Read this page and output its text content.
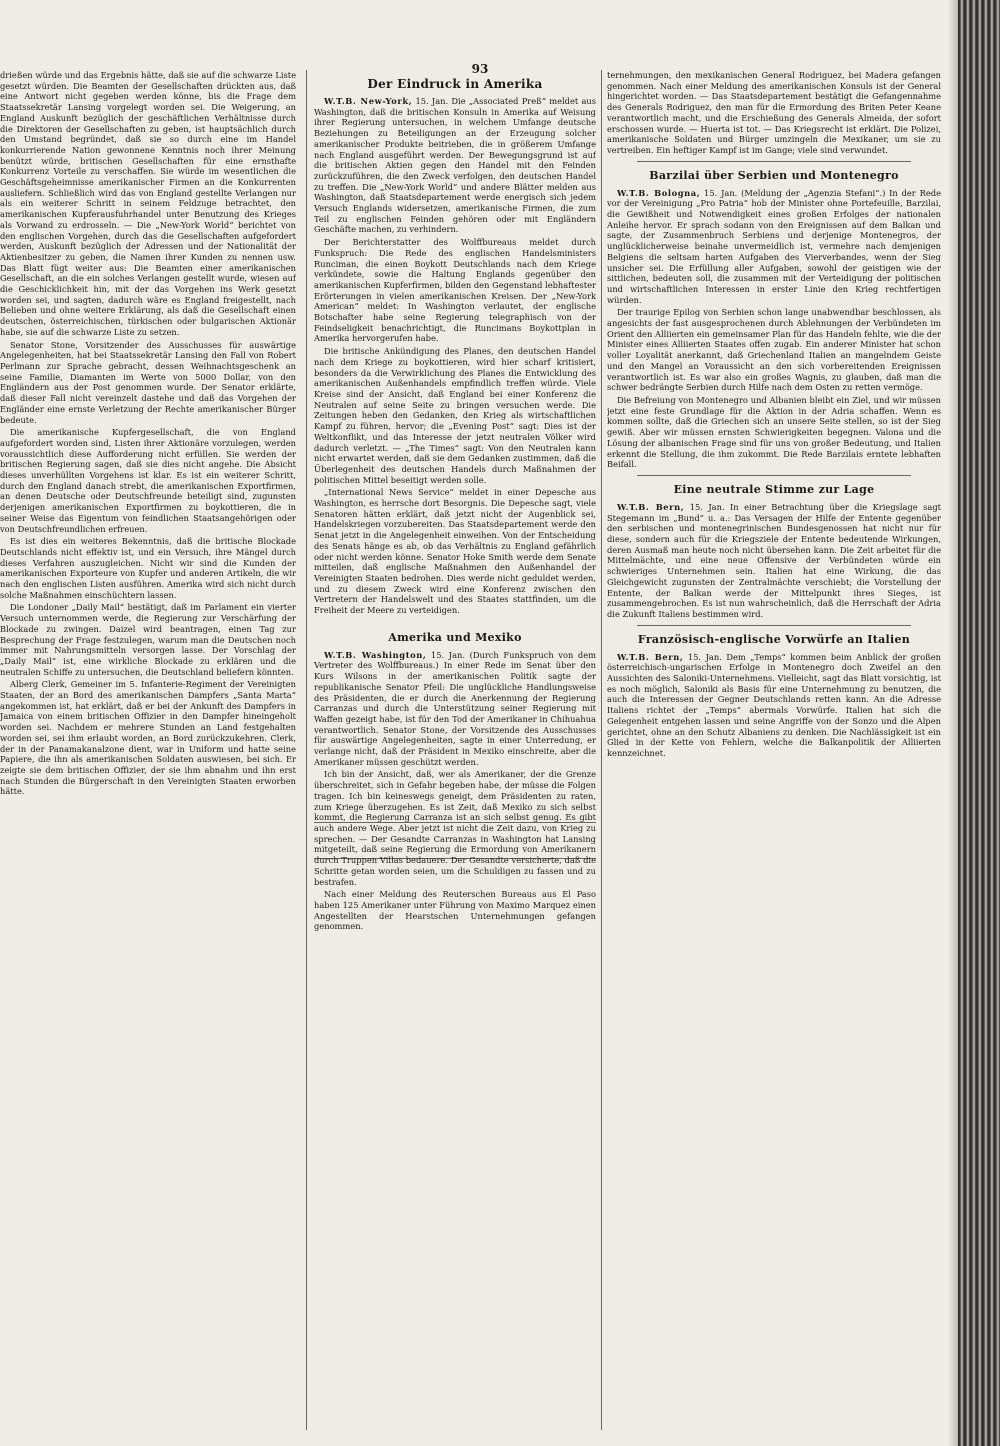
93

drießen würde und das Ergebnis hätte, daß sie auf die schwarze Liste gesetzt würden. Die Beamten der Gesellschaften drückten aus, daß eine Antwort nicht gegeben werden könne, bis die Frage dem Staatssekretär Lansing vorgelegt worden sei. Die Weigerung, an England Auskunft bezüglich der geschäftlichen Verhältnisse durch die Direktoren der Gesellschaften zu geben, ist hauptsächlich durch den Umstand begründet, daß sie so durch eine im Handel konkurrierende Nation gewonnene Kenntnis noch ihrer Meinung benützt würde, britischen Gesellschaften für eine ernsthafte Konkurrenz Vorteile zu verschaffen. Sie würde im wesentlichen die Geschäftsgeheimnisse amerikanischer Firmen an die Konkurrenten ausliefern. Schließlich wird das von England gestellte Verlangen nur als ein weiterer Schritt in seinem Feldzuge betrachtet, den amerikanischen Kupferausfuhrhandel unter Benutzung des Krieges als Vorwand zu erdrosseln. — Die „New-York World“ berichtet von den englischen Vorgehen, durch das die Gesellschaften aufgefordert werden, Auskunft bezüglich der Adressen und der Nationalität der Aktienbesitzer zu geben, die Namen ihrer Kunden zu nennen usw. Das Blatt fügt weiter aus: Die Beamten einer amerikanischen Gesellschaft, an die ein solches Verlangen gestellt wurde, wiesen auf die Geschicklichkeit hin, mit der das Vorgehen ins Werk gesetzt worden sei, und sagten, dadurch wäre es England freigestellt, nach Belieben und ohne weitere Erklärung, als daß die Gesellschaft einen deutschen, österreichischen, türkischen oder bulgarischen Aktionär habe, sie auf die schwarze Liste zu setzen.

Senator Stone, Vorsitzender des Ausschusses für auswärtige Angelegenheiten, hat bei Staatssekretär Lansing den Fall von Robert Perlmann zur Sprache gebracht, dessen Weihnachtsgeschenk an seine Familie, Diamanten im Werte von 5000 Dollar, von den Engländern aus der Post genommen wurde. Der Senator erklärte, daß dieser Fall nicht vereinzelt dastehe und daß das Vorgehen der Engländer eine ernste Verletzung der Rechte amerikanischer Bürger bedeute.

Die amerikanische Kupfergesellschaft, die von England aufgefordert worden sind, Listen ihrer Aktionäre vorzulegen, werden voraussichtlich diese Aufforderung nicht erfüllen. Sie werden der britischen Regierung sagen, daß sie dies nicht angehe. Die Absicht dieses unverhüllten Vorgehens ist klar. Es ist ein weiterer Schritt, durch den England danach strebt, die amerikanischen Exportfirmen, an denen Deutsche oder Deutschfreunde beteiligt sind, zugunsten derjenigen amerikanischen Exportfirmen zu boykottieren, die in seiner Weise das Eigentum von feindlichen Staatsangehörigen oder von Deutschfreundlichen erfreuen.

Es ist dies ein weiteres Bekenntnis, daß die britische Blockade Deutschlands nicht effektiv ist, und ein Versuch, ihre Mängel durch dieses Verfahren auszugleichen. Nicht wir sind die Kunden der amerikanischen Exporteure von Kupfer und anderen Artikeln, die wir nach den englischen Listen ausführen. Amerika wird sich nicht durch solche Maßnahmen einschüchtern lassen.

Die Londoner „Daily Mail“ bestätigt, daß im Parlament ein vierter Versuch unternommen werde, die Regierung zur Verschärfung der Blockade zu zwingen. Daizel wird beantragen, einen Tag zur Besprechung der Frage festzulegen, warum man die Deutschen noch immer mit Nahrungsmitteln versorgen lasse. Der Vorschlag der „Daily Mail“ ist, eine wirkliche Blockade zu erklären und die neutralen Schiffe zu untersuchen, die Deutschland beliefern könnten.

Alberg Clerk, Gemeiner im 5. Infanterie-Regiment der Vereinigten Staaten, der an Bord des amerikanischen Dampfers „Santa Marta“ angekommen ist, hat erklärt, daß er bei der Ankunft des Dampfers in Jamaica von einem britischen Offizier in den Dampfer hineingeholt worden sei. Nachdem er mehrere Stunden an Land festgehalten worden sei, sei ihm erlaubt worden, an Bord zurückzukehren. Clerk, der in der Panamakanalzone dient, war in Uniform und hatte seine Papiere, die ihn als amerikanischen Soldaten auswiesen, bei sich. Er zeigte sie dem britischen Offizier, der sie ihm abnahm und ihn erst nach Stunden die Bürgerschaft in den Vereinigten Staaten erworben hätte.

Der Eindruck in Amerika

W.T.B. New-York, 15. Jan. Die „Associated Preß“ meldet aus Washington, daß die britischen Konsuln in Amerika auf Weisung ihrer Regierung untersuchen, in welchem Umfange deutsche Beziehungen zu Beteiligungen an der Erzeugung solcher amerikanischer Produkte beitrieben, die in größerem Umfange nach England ausgeführt werden. Der Bewegungsgrund ist auf die britischen Aktien gegen den Handel mit den Feinden zurückzuführen, die den Zweck verfolgen, den deutschen Handel zu treffen. Die „New-York World“ und andere Blätter melden aus Washington, daß Staatsdepartement werde energisch sich jedem Versuch Englands widersetzen, amerikanische Firmen, die zum Teil zu englischen Feinden gehören oder mit Engländern Geschäfte machen, zu verhindern.

Der Berichterstatter des Wolffbureaus meldet durch Funkspruch: Die Rede des englischen Handelsministers Runciman, die einen Boykott Deutschlands nach dem Kriege verkündete, sowie die Haltung Englands gegenüber den amerikanischen Kupferfirmen, bilden den Gegenstand lebhaftester Erörterungen in vielen amerikanischen Kreisen. Der „New-York American“ meldet: In Washington verlautet, der englische Botschafter habe seine Regierung telegraphisch von der Feindseligkeit benachrichtigt, die Runcimans Boykottplan in Amerika hervorgerufen habe.

Die britische Ankündigung des Planes, den deutschen Handel nach dem Kriege zu boykottieren, wird hier scharf kritisiert, besonders da die Verwirklichung des Planes die Entwicklung des amerikanischen Außenhandels empfindlich treffen würde. Viele Kreise sind der Ansicht, daß England bei einer Konferenz die Neutralen auf seine Seite zu bringen versuchen werde. Die Zeitungen heben den Gedanken, den Krieg als wirtschaftlichen Kampf zu führen, hervor; die „Evening Post“ sagt: Dies ist der Weltkonflikt, und das Interesse der jetzt neutralen Völker wird dadurch verletzt. — „The Times“ sagt: Von den Neutralen kann nicht erwartet werden, daß sie dem Gedanken zustimmen, daß die Überlegenheit des deutschen Handels durch Maßnahmen der politischen Mittel beseitigt werden solle.

„International News Service“ meldet in einer Depesche aus Washington, es herrsche dort Besorgnis. Die Depesche sagt, viele Senatoren hätten erklärt, daß jetzt nicht der Augenblick sei, Handelskriegen vorzubereiten. Das Staatsdepartement werde den Senat jetzt in die Angelegenheit einweihen. Von der Entscheidung des Senats hänge es ab, ob das Verhältnis zu England gefährlich oder nicht werden könne. Senator Hoke Smith werde dem Senate mitteilen, daß englische Maßnahmen den Außenhandel der Vereinigten Staaten bedrohen. Dies werde nicht geduldet werden, und zu diesem Zweck wird eine Konferenz zwischen den Vertretern der Handelswelt und des Staates stattfinden, um die Freiheit der Meere zu verteidigen.

Amerika und Mexiko

W.T.B. Washington, 15. Jan. (Durch Funkspruch von dem Vertreter des Wolffbureaus.) In einer Rede im Senat über den Kurs Wilsons in der amerikanischen Politik sagte der republikanische Senator Pfeil: Die unglückliche Handlungsweise des Präsidenten, die er durch die Anerkennung der Regierung Carranzas und durch die Unterstützung seiner Regierung mit Waffen gezeigt habe, ist für den Tod der Amerikaner in Chihuahua verantwortlich. Senator Stone, der Vorsitzende des Ausschusses für auswärtige Angelegenheiten, sagte in einer Unterredung, er verlange nicht, daß der Präsident in Mexiko einschreite, aber die Amerikaner müssen geschützt werden.

Ich bin der Ansicht, daß, wer als Amerikaner, der die Grenze überschreitet, sich in Gefahr begeben habe, der müsse die Folgen tragen. Ich bin keineswegs geneigt, dem Präsidenten zu raten, zum Kriege überzugehen. Es ist Zeit, daß Mexiko zu sich selbst kommt, die Regierung Carranza ist an sich selbst genug. Es gibt auch andere Wege. Aber jetzt ist nicht die Zeit dazu, von Krieg zu sprechen. — Der Gesandte Carranzas in Washington hat Lansing mitgeteilt, daß seine Regierung die Ermordung von Amerikanern durch Truppen Villas bedauere. Der Gesandte versicherte, daß die Schritte getan worden seien, um die Schuldigen zu fassen und zu bestrafen.

Nach einer Meldung des Reuterschen Bureaus aus El Paso haben 125 Amerikaner unter Führung von Maximo Marquez einen Angestellten der Hearstschen Unternehmungen gefangen genommen.

ternehmungen, den mexikanischen General Rodriguez, bei Madera gefangen genommen. Nach einer Meldung des amerikanischen Konsuls ist der General hingerichtet worden. — Das Staatsdepartement bestätigt die Gefangennahme des Generals Rodriguez, den man für die Ermordung des Briten Peter Keane verantwortlich macht, und die Erschießung des Generals Almeida, der sofort erschossen wurde. — Huerta ist tot. — Das Kriegsrecht ist erklärt. Die Polizei, amerikanische Soldaten und Bürger umzingeln die Mexikaner, um sie zu vertreiben. Ein heftiger Kampf ist im Gange; viele sind verwundet.

Barzilai über Serbien und Montenegro

W.T.B. Bologna, 15. Jan. (Meldung der „Agenzia Stefani“.) In der Rede vor der Vereinigung „Pro Patria“ hob der Minister ohne Portefeuille, Barzilai, die Gewißheit und Notwendigkeit eines großen Erfolges der nationalen Anleihe hervor. Er sprach sodann von den Ereignissen auf dem Balkan und sagte, der Zusammenbruch Serbiens und derjenige Montenegros, der unglücklicherweise beinahe unvermeidlich ist, vermehre nach demjenigen Belgiens die seltsam harten Aufgaben des Vierverbandes, wenn der Sieg unsicher sei. Die Erfüllung aller Aufgaben, sowohl der geistigen wie der sittlichen, bedeuten soll, die zusammen mit der Verteidigung der politischen und wirtschaftlichen Interessen in erster Linie den Krieg rechtfertigen würden.

Der traurige Epilog von Serbien schon lange unabwendbar beschlossen, als angesichts der fast ausgesprochenen durch Ablehnungen der Verbündeten im Orient den Alliierten ein gemeinsamer Plan für das Handeln fehlte, wie die der Minister eines Alliierten Staates offen zugab. Ein anderer Minister hat schon voller Loyalität anerkannt, daß Griechenland Italien an mangelndem Geiste und den Mangel an Voraussicht an den sich vorbereitenden Ereignissen verantwortlich ist. Es war also ein großes Wagnis, zu glauben, daß man die schwer bedrängte Serbien durch Hilfe nach dem Osten zu retten vermöge.

Die Befreiung von Montenegro und Albanien bleibt ein Ziel, und wir müssen jetzt eine feste Grundlage für die Aktion in der Adria schaffen. Wenn es kommen sollte, daß die Griechen sich an unsere Seite stellen, so ist der Sieg gewiß. Aber wir müssen ernsten Schwierigkeiten begegnen. Valona und die Lösung der albanischen Frage sind für uns von großer Bedeutung, und Italien erkennt die Stellung, die ihm zukommt. Die Rede Barzilais erntete lebhaften Beifall.

Eine neutrale Stimme zur Lage

W.T.B. Bern, 15. Jan. In einer Betrachtung über die Kriegslage sagt Stegemann im „Bund“ u. a.: Das Versagen der Hilfe der Entente gegenüber den serbischen und montenegrinischen Bundesgenossen hat nicht nur für diese, sondern auch für die Kriegsziele der Entente bedeutende Wirkungen, deren Ausmaß man heute noch nicht übersehen kann. Die Zeit arbeitet für die Mittelmächte, und eine neue Offensive der Verbündeten würde ein schwieriges Unternehmen sein. Italien hat eine Wirkung, die das Gleichgewicht zugunsten der Zentralmächte verschiebt; die Vorstellung der Entente, der Balkan werde der Mittelpunkt ihres Sieges, ist zusammengebrochen. Es ist nun wahrscheinlich, daß die Herrschaft der Adria die Zukunft Italiens bestimmen wird.

Französisch-englische Vorwürfe an Italien

W.T.B. Bern, 15. Jan. Dem „Temps“ kommen beim Anblick der großen österreichisch-ungarischen Erfolge in Montenegro doch Zweifel an den Aussichten des Saloniki-Unternehmens. Vielleicht, sagt das Blatt vorsichtig, ist es noch möglich, Saloniki als Basis für eine Unternehmung zu benutzen, die auch die Interessen der Gegner Deutschlands retten kann. An die Adresse Italiens richtet der „Temps“ abermals Vorwürfe. Italien hat sich die Gelegenheit entgehen lassen und seine Angriffe von der Sonzo und die Alpen gerichtet, ohne an den Schutz Albaniens zu denken. Die Nachlässigkeit ist ein Glied in der Kette von Fehlern, welche die Balkanpolitik der Alliierten kennzeichnet.
